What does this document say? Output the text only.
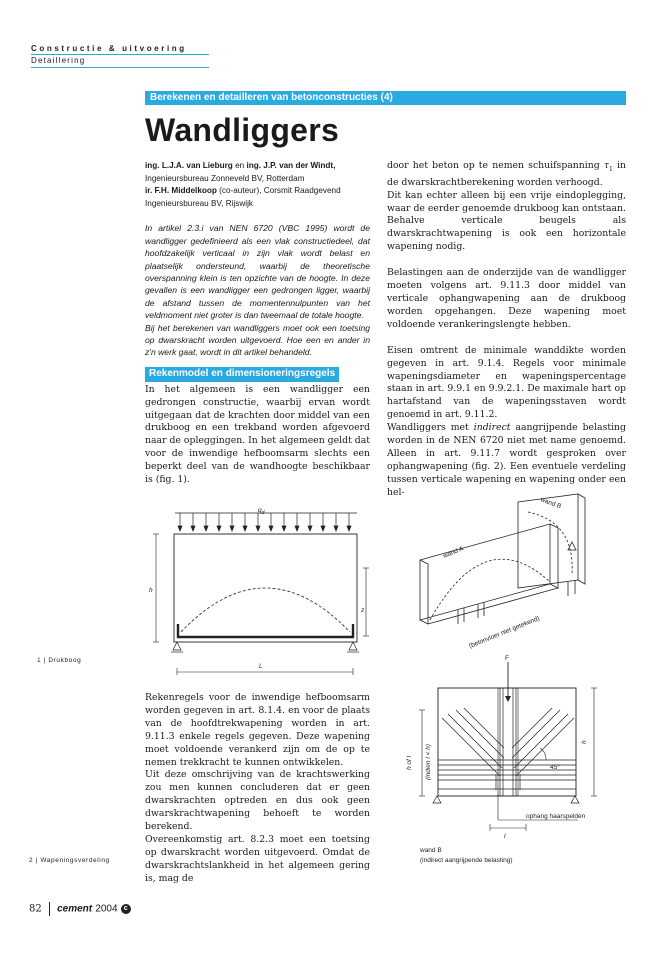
Constructie & uitvoering
Detaillering
Berekenen en detailleren van betonconstructies (4)
Wandliggers

ing. L.J.A. van Lieburg en ing. J.P. van der Windt,

Ingenieursbureau Zonneveld BV, Rotterdam

ir. F.H. Middelkoop (co-auteur), Corsmit Raadgevend

Ingenieursbureau BV, Rijswijk

In artikel 2.3.i van NEN 6720 (VBC 1995) wordt de wandligger gedefinieerd als een vlak constructiedeel, dat hoofdzakelijk verticaal in zijn vlak wordt belast en plaatselijk ondersteund, waarbij de theoretische overspanning klein is ten opzichte van de hoogte. In deze gevallen is een wandligger een gedrongen ligger, waarbij de afstand tussen de momentennulpunten van het veldmoment niet groter is dan tweemaal de totale hoogte.

Bij het berekenen van wandliggers moet ook een toetsing op dwarskracht worden uitgevoerd. Hoe een en ander in z'n werk gaat, wordt in dit artikel behandeld.

Rekenmodel en dimensioneringsregels

In het algemeen is een wandligger een gedrongen constructie, waarbij ervan wordt uitgegaan dat de krachten door middel van een drukboog en een trekband worden afgevoerd naar de opleggingen. In het algemeen geldt dat voor de inwendige hefboomsarm slechts een beperkt deel van de wandhoogte beschikbaar is (fig. 1).

door het beton op te nemen schuifspanning $\tau_1$ in de dwarskrachtberekening worden verhoogd.

Dit kan echter alleen bij een vrije eindoplegging, waar de eerder genoemde drukboog kan ontstaan. Behalve verticale beugels als dwarskrachtwapening is ook een horizontale wapening nodig.

Belastingen aan de onderzijde van de wandligger moeten volgens art. 9.11.3 door middel van verticale ophangwapening aan de drukboog worden opgehangen. Deze wapening moet voldoende verankeringslengte hebben.

Eisen omtrent de minimale wanddikte worden gegeven in art. 9.1.4. Regels voor minimale wapeningsdiameter en wapeningspercentage staan in art. 9.9.1 en 9.9.2.1. De maximale hart op hartafstand van de wapeningsstaven wordt genoemd in art. 9.11.2.

Wandliggers met indirect aangrijpende belasting worden in de NEN 6720 niet met name genoemd. Alleen in art. 9.11.7 wordt gesproken over ophangwapening (fig. 2). Een eventuele verdeling tussen verticale wapening en wapening onder een hel-

$q_d$
h
z
L
wand A
wand B
(betonvloer niet getekend)
1 | Drukboog
2 | Wapeningsverdeling

Rekenregels voor de inwendige hefboomsarm worden gegeven in art. 8.1.4. en voor de plaats van de hoofdtrekwapening worden in art. 9.11.3 enkele regels gegeven. Deze wapening moet voldoende verankerd zijn om de op te nemen trekkracht te kunnen ontwikkelen.

Uit deze omschrijving van de krachtswerking zou men kunnen concluderen dat er geen dwarskrachten optreden en dus ook geen dwarskrachtwapening behoeft te worden berekend.

Overeenkomstig art. 8.2.3 moet een toetsing op dwarskracht worden uitgevoerd. Omdat de dwarskrachtslankheid in het algemeen gering is, mag de

F
45°
h of l (indien l < h)
h
l
ophang haarspelden
wand B
(indirect aangrijpende belasting)
82 cement 2004 c
